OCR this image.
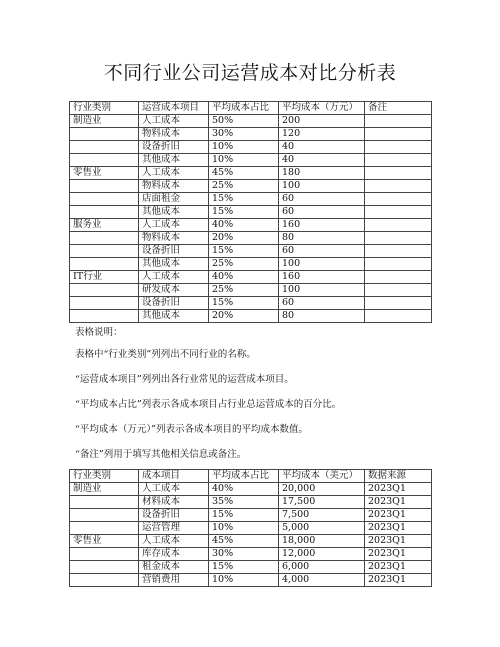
不同行业公司运营成本对比分析表
行业类别	运营成本项目	平均成本占比	平均成本（万元）	备注
制造业	人工成本	50%	200	
	物料成本	30%	120	
	设备折旧	10%	40	
	其他成本	10%	40	
零售业	人工成本	45%	180	
	物料成本	25%	100	
	店面租金	15%	60	
	其他成本	15%	60	
服务业	人工成本	40%	160	
	物料成本	20%	80	
	设备折旧	15%	60	
	其他成本	25%	100	
IT行业	人工成本	40%	160	
	研发成本	25%	100	
	设备折旧	15%	60	
	其他成本	20%	80	
表格说明：
表格中“行业类别”列列出不同行业的名称。
“运营成本项目”列列出各行业常见的运营成本项目。
“平均成本占比”列表示各成本项目占行业总运营成本的百分比。
“平均成本（万元）”列表示各成本项目的平均成本数值。
“备注”列用于填写其他相关信息或备注。
行业类别	成本项目	平均成本占比	平均成本（美元）	数据来源
制造业	人工成本	40%	20,000	2023Q1
	材料成本	35%	17,500	2023Q1
	设备折旧	15%	7,500	2023Q1
	运营管理	10%	5,000	2023Q1
零售业	人工成本	45%	18,000	2023Q1
	库存成本	30%	12,000	2023Q1
	租金成本	15%	6,000	2023Q1
	营销费用	10%	4,000	2023Q1
